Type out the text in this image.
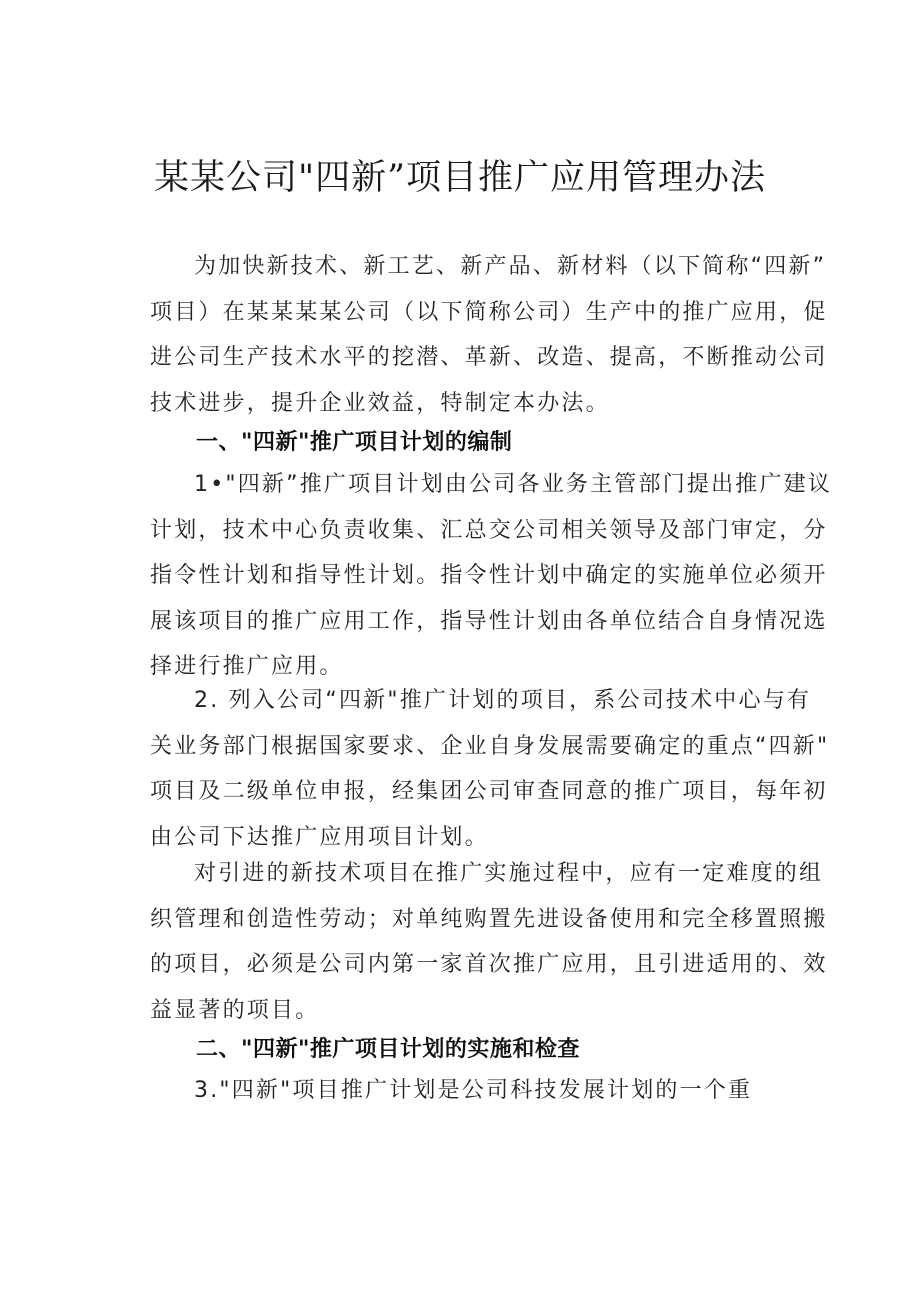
某某公司"四新”项目推广应用管理办法
为加快新技术、新工艺、新产品、新材料（以下简称“四新”
项目）在某某某某公司（以下简称公司）生产中的推广应用，促
进公司生产技术水平的挖潜、革新、改造、提高，不断推动公司
技术进步，提升企业效益，特制定本办法。
一、"四新"推广项目计划的编制
1•"四新”推广项目计划由公司各业务主管部门提出推广建议
计划，技术中心负责收集、汇总交公司相关领导及部门审定，分
指令性计划和指导性计划。指令性计划中确定的实施单位必须开
展该项目的推广应用工作，指导性计划由各单位结合自身情况选
择进行推广应用。
2. 列入公司“四新"推广计划的项目，系公司技术中心与有
关业务部门根据国家要求、企业自身发展需要确定的重点“四新"
项目及二级单位申报，经集团公司审查同意的推广项目，每年初
由公司下达推广应用项目计划。
对引进的新技术项目在推广实施过程中，应有一定难度的组
织管理和创造性劳动；对单纯购置先进设备使用和完全移置照搬
的项目，必须是公司内第一家首次推广应用，且引进适用的、效
益显著的项目。
二、"四新"推广项目计划的实施和检查
3."四新"项目推广计划是公司科技发展计划的一个重
